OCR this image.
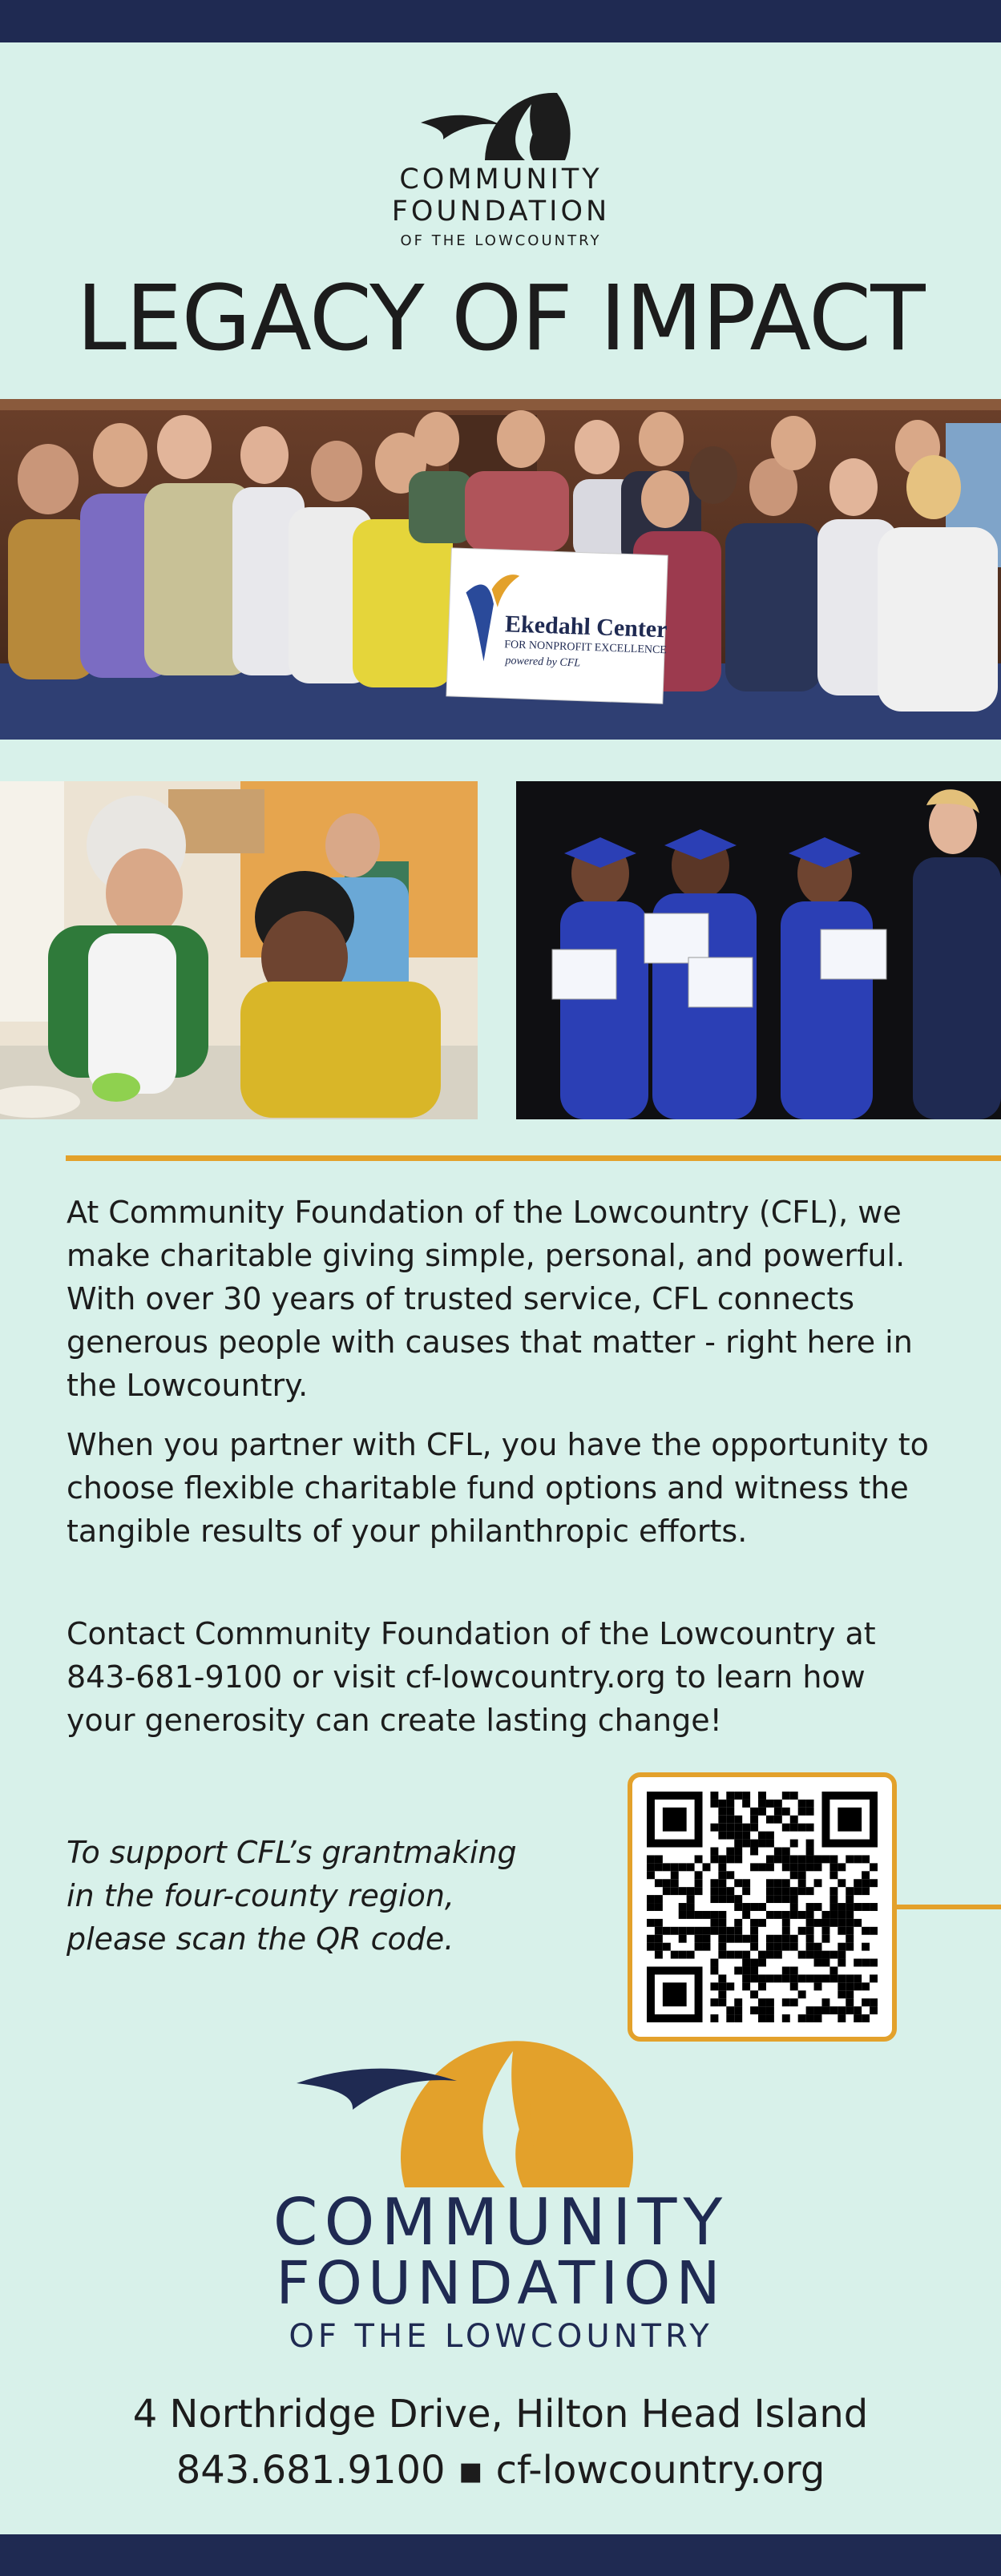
COMMUNITY
FOUNDATION
OF THE LOWCOUNTRY
LEGACY OF IMPACT
Ekedahl Center
FOR NONPROFIT EXCELLENCE
powered by CFL

At Community Foundation of the Lowcountry (CFL), we make charitable giving simple, personal, and powerful. With over 30 years of trusted service, CFL connects generous people with causes that matter - right here in the Lowcountry.

When you partner with CFL, you have the opportunity to choose flexible charitable fund options and witness the tangible results of your philanthropic efforts.

Contact Community Foundation of the Lowcountry at 843-681-9100 or visit cf-lowcountry.org to learn how your generosity can create lasting change!

To support CFL’s grantmaking
in the four-county region,
please scan the QR code.
COMMUNITY
FOUNDATION
OF THE LOWCOUNTRY
4 Northridge Drive, Hilton Head Island
843.681.9100 ▪ cf-lowcountry.org
